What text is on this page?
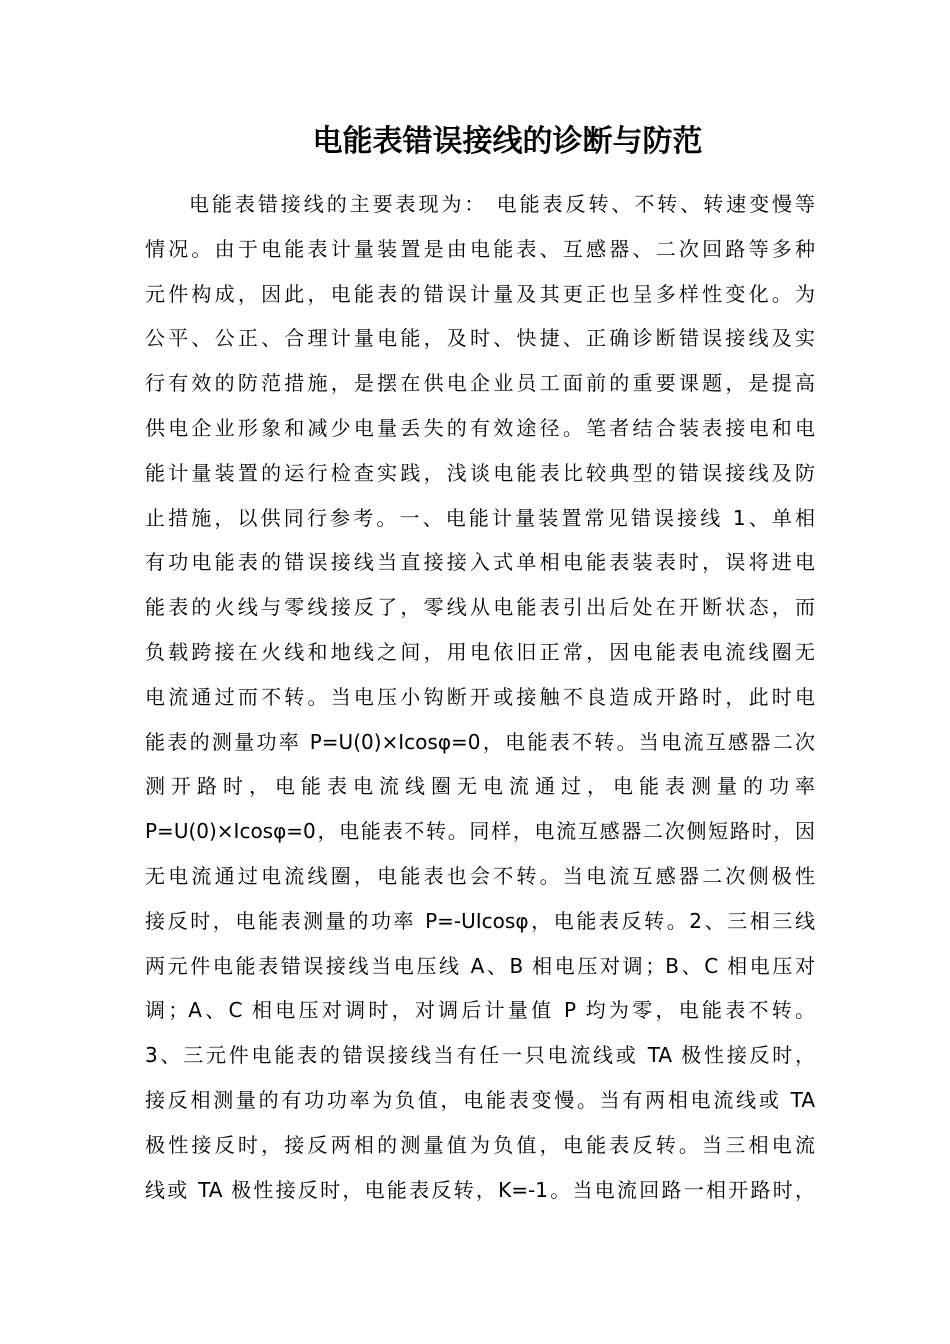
电能表错误接线的诊断与防范
电能表错接线的主要表现为： 电能表反转、不转、转速变慢等
情况。由于电能表计量装置是由电能表、互感器、二次回路等多种
元件构成，因此，电能表的错误计量及其更正也呈多样性变化。为
公平、公正、合理计量电能，及时、快捷、正确诊断错误接线及实
行有效的防范措施，是摆在供电企业员工面前的重要课题，是提高
供电企业形象和减少电量丢失的有效途径。笔者结合装表接电和电
能计量装置的运行检查实践，浅谈电能表比较典型的错误接线及防
止措施，以供同行参考。一、电能计量装置常见错误接线 1、单相
有功电能表的错误接线当直接接入式单相电能表装表时，误将进电
能表的火线与零线接反了，零线从电能表引出后处在开断状态，而
负载跨接在火线和地线之间，用电依旧正常，因电能表电流线圈无
电流通过而不转。当电压小钩断开或接触不良造成开路时，此时电
能表的测量功率 P=U(0)×Icosφ=0，电能表不转。当电流互感器二次
测开路时，电能表电流线圈无电流通过，电能表测量的功率
P=U(0)×Icosφ=0，电能表不转。同样，电流互感器二次侧短路时，因
无电流通过电流线圈，电能表也会不转。当电流互感器二次侧极性
接反时，电能表测量的功率 P=-UIcosφ，电能表反转。2、三相三线
两元件电能表错误接线当电压线 A、B 相电压对调；B、C 相电压对
调；A、C 相电压对调时，对调后计量值 P 均为零，电能表不转。
3、三元件电能表的错误接线当有任一只电流线或 TA 极性接反时，
接反相测量的有功功率为负值，电能表变慢。当有两相电流线或 TA
极性接反时，接反两相的测量值为负值，电能表反转。当三相电流
线或 TA 极性接反时，电能表反转，K=-1。当电流回路一相开路时，
